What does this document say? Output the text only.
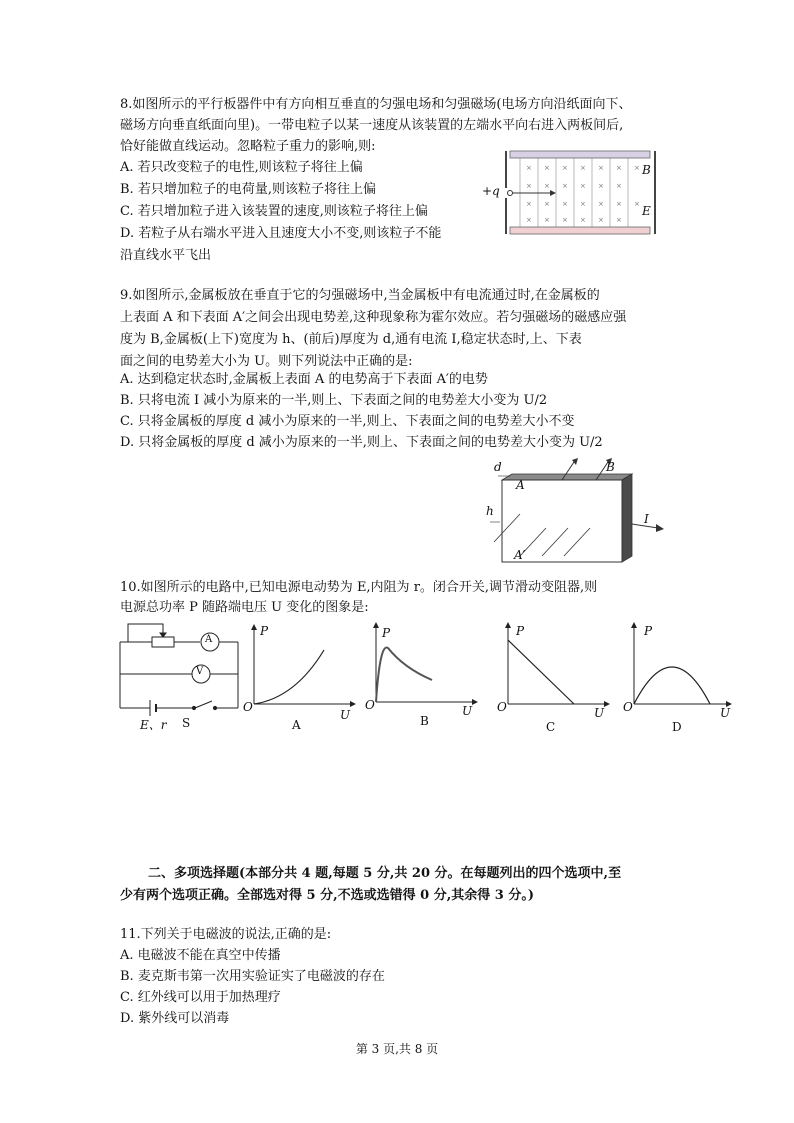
8.如图所示的平行板器件中有方向相互垂直的匀强电场和匀强磁场(电场方向沿纸面向下、
磁场方向垂直纸面向里)。一带电粒子以某一速度从该装置的左端水平向右进入两板间后,
恰好能做直线运动。忽略粒子重力的影响,则:
A. 若只改变粒子的电性,则该粒子将往上偏
B. 若只增加粒子的电荷量,则该粒子将往上偏
C. 若只增加粒子进入该装置的速度,则该粒子将往上偏
D. 若粒子从右端水平进入且速度大小不变,则该粒子不能
沿直线水平飞出
× × × × × × ×
× × × × × ×
× × × × × × ×
× × × × × ×
+q
B
E
9.如图所示,金属板放在垂直于它的匀强磁场中,当金属板中有电流通过时,在金属板的
上表面 A 和下表面 A′之间会出现电势差,这种现象称为霍尔效应。若匀强磁场的磁感应强
度为 B,金属板(上下)宽度为 h、(前后)厚度为 d,通有电流 I,稳定状态时,上、下表
面之间的电势差大小为 U。则下列说法中正确的是:
A. 达到稳定状态时,金属板上表面 A 的电势高于下表面 A′的电势
B. 只将电流 I 减小为原来的一半,则上、下表面之间的电势差大小变为 U/2
C. 只将金属板的厚度 d 减小为原来的一半,则上、下表面之间的电势差大小不变
D. 只将金属板的厚度 d 减小为原来的一半,则上、下表面之间的电势差大小变为 U/2
d
A
B
h
I
A′
10.如图所示的电路中,已知电源电动势为 E,内阻为 r。闭合开关,调节滑动变阻器,则
电源总功率 P 随路端电压 U 变化的图象是:
A
V
E、r S
P
U
O
A
P
U
O
B
P
U
O
C
P
U
O
D
二、多项选择题(本部分共 4 题,每题 5 分,共 20 分。在每题列出的四个选项中,至
少有两个选项正确。全部选对得 5 分,不选或选错得 0 分,其余得 3 分。)
11.下列关于电磁波的说法,正确的是:
A. 电磁波不能在真空中传播
B. 麦克斯韦第一次用实验证实了电磁波的存在
C. 红外线可以用于加热理疗
D. 紫外线可以消毒
第 3 页,共 8 页
